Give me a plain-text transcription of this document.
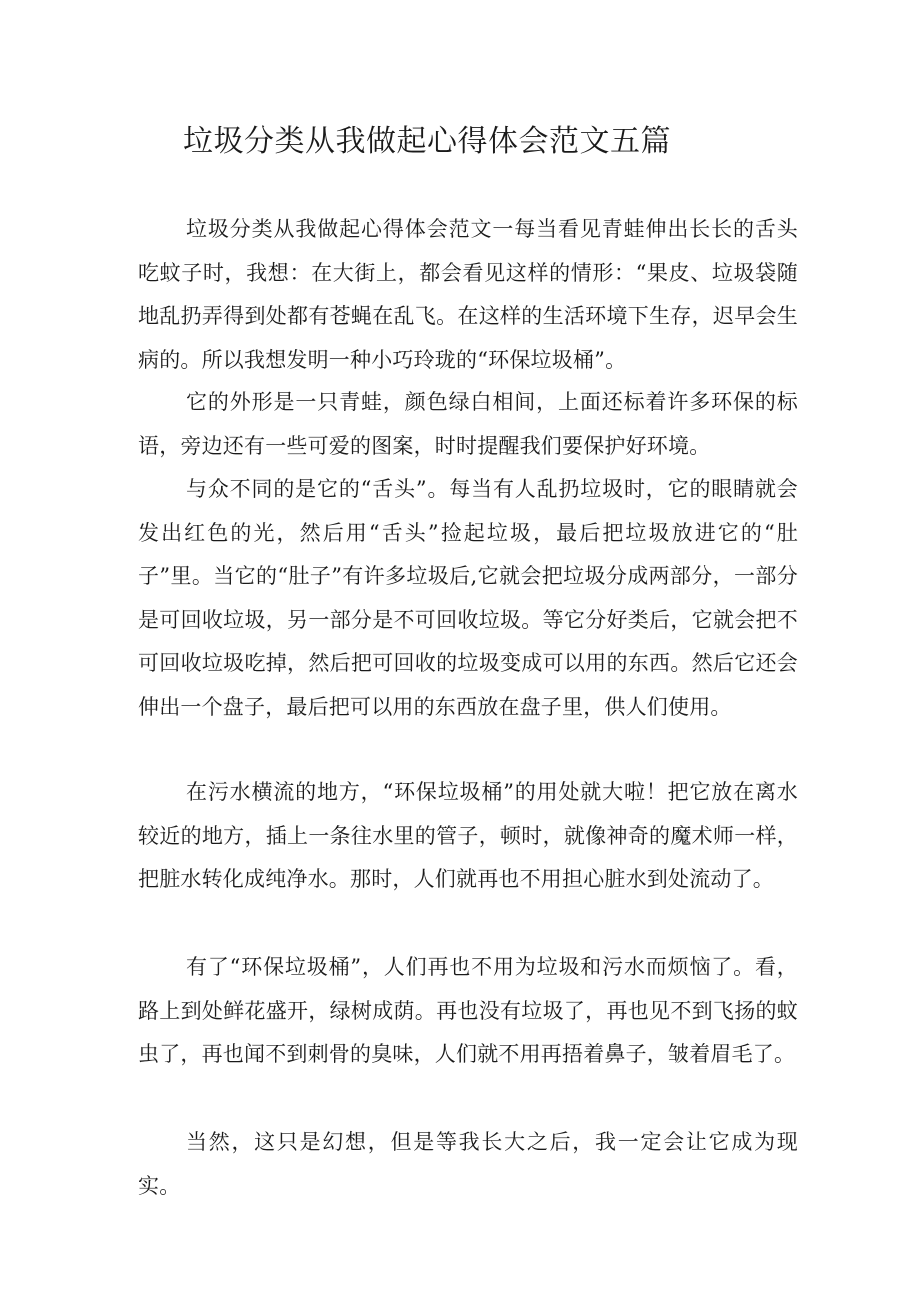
垃圾分类从我做起心得体会范文五篇

垃圾分类从我做起心得体会范文一每当看见青蛙伸出长长的舌头吃蚊子时，我想：在大街上，都会看见这样的情形：“果皮、垃圾袋随地乱扔弄得到处都有苍蝇在乱飞。在这样的生活环境下生存，迟早会生病的。所以我想发明一种小巧玲珑的“环保垃圾桶”。

它的外形是一只青蛙，颜色绿白相间，上面还标着许多环保的标语，旁边还有一些可爱的图案，时时提醒我们要保护好环境。

与众不同的是它的“舌头”。每当有人乱扔垃圾时，它的眼睛就会发出红色的光，然后用“舌头”捡起垃圾，最后把垃圾放进它的“肚子”里。当它的“肚子”有许多垃圾后,它就会把垃圾分成两部分，一部分是可回收垃圾，另一部分是不可回收垃圾。等它分好类后，它就会把不可回收垃圾吃掉，然后把可回收的垃圾变成可以用的东西。然后它还会伸出一个盘子，最后把可以用的东西放在盘子里，供人们使用。

在污水横流的地方，“环保垃圾桶”的用处就大啦！把它放在离水较近的地方，插上一条往水里的管子，顿时，就像神奇的魔术师一样，把脏水转化成纯净水。那时，人们就再也不用担心脏水到处流动了。

有了“环保垃圾桶”，人们再也不用为垃圾和污水而烦恼了。看，路上到处鲜花盛开，绿树成荫。再也没有垃圾了，再也见不到飞扬的蚊虫了，再也闻不到刺骨的臭味，人们就不用再捂着鼻子，皱着眉毛了。

当然，这只是幻想，但是等我长大之后，我一定会让它成为现实。
